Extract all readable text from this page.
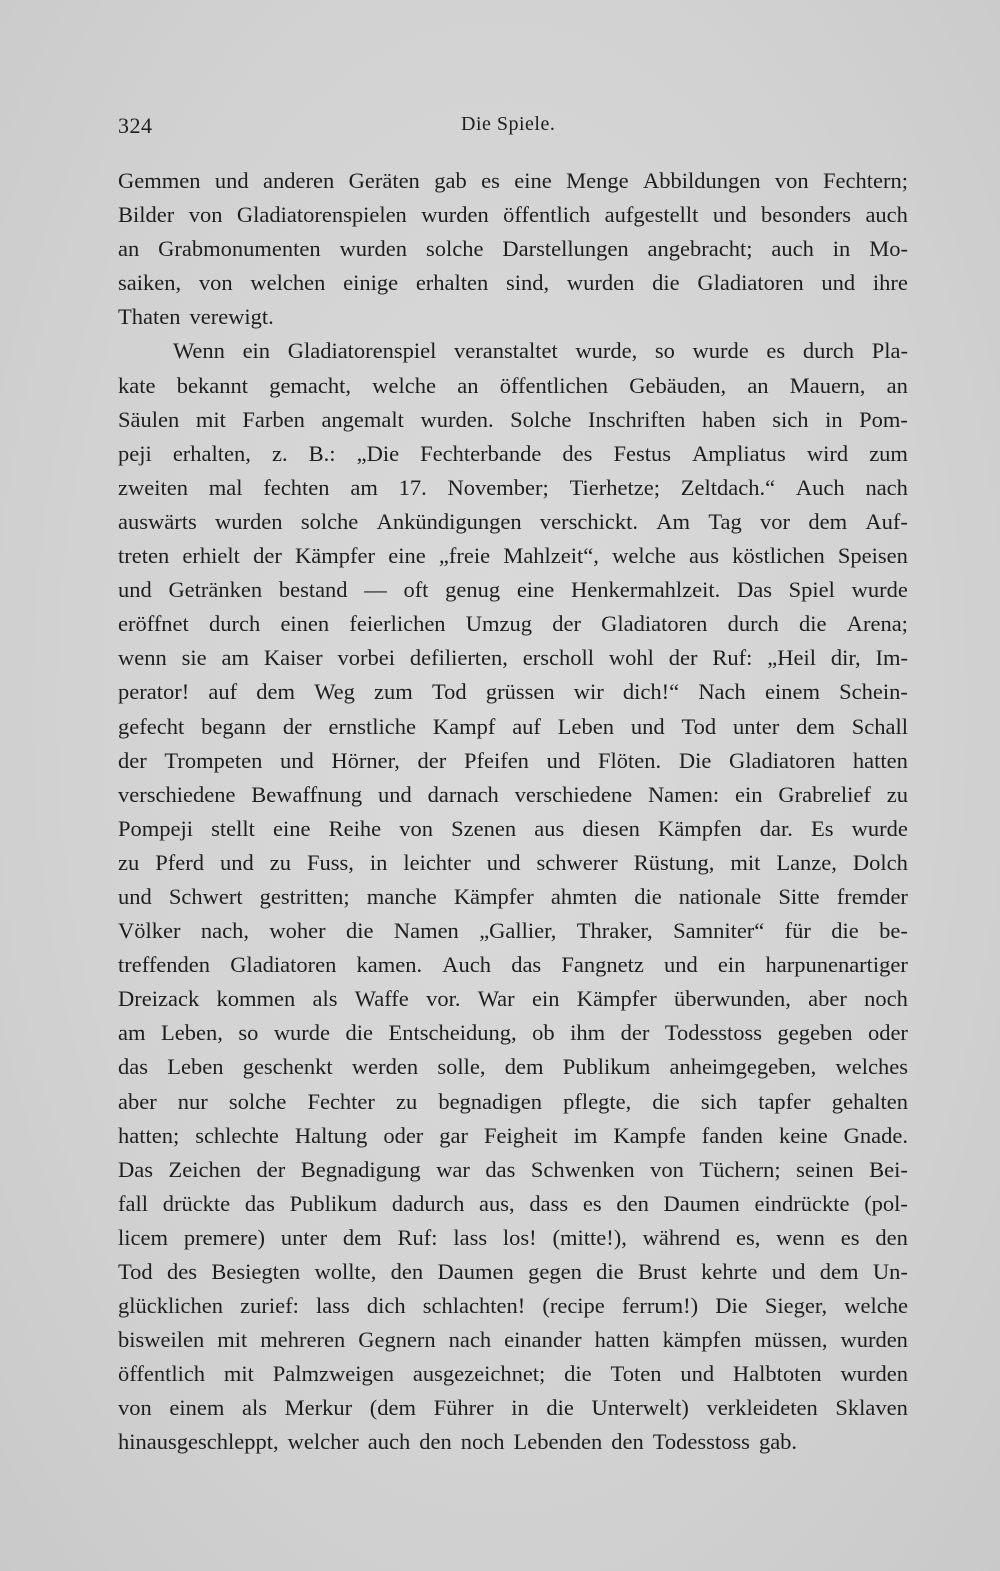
324	Die Spiele.
Gemmen und anderen Geräten gab es eine Menge Abbildungen von Fechtern;
Bilder von Gladiatorenspielen wurden öffentlich aufgestellt und besonders auch
an Grabmonumenten wurden solche Darstellungen angebracht; auch in Mo-
saiken, von welchen einige erhalten sind, wurden die Gladiatoren und ihre
Thaten verewigt.
Wenn ein Gladiatorenspiel veranstaltet wurde, so wurde es durch Pla-
kate bekannt gemacht, welche an öffentlichen Gebäuden, an Mauern, an
Säulen mit Farben angemalt wurden. Solche Inschriften haben sich in Pom-
peji erhalten, z. B.: „Die Fechterbande des Festus Ampliatus wird zum
zweiten mal fechten am 17. November; Tierhetze; Zeltdach.“ Auch nach
auswärts wurden solche Ankündigungen verschickt. Am Tag vor dem Auf-
treten erhielt der Kämpfer eine „freie Mahlzeit“, welche aus köstlichen Speisen
und Getränken bestand — oft genug eine Henkermahlzeit. Das Spiel wurde
eröffnet durch einen feierlichen Umzug der Gladiatoren durch die Arena;
wenn sie am Kaiser vorbei defilierten, erscholl wohl der Ruf: „Heil dir, Im-
perator! auf dem Weg zum Tod grüssen wir dich!“ Nach einem Schein-
gefecht begann der ernstliche Kampf auf Leben und Tod unter dem Schall
der Trompeten und Hörner, der Pfeifen und Flöten. Die Gladiatoren hatten
verschiedene Bewaffnung und darnach verschiedene Namen: ein Grabrelief zu
Pompeji stellt eine Reihe von Szenen aus diesen Kämpfen dar. Es wurde
zu Pferd und zu Fuss, in leichter und schwerer Rüstung, mit Lanze, Dolch
und Schwert gestritten; manche Kämpfer ahmten die nationale Sitte fremder
Völker nach, woher die Namen „Gallier, Thraker, Samniter“ für die be-
treffenden Gladiatoren kamen. Auch das Fangnetz und ein harpunenartiger
Dreizack kommen als Waffe vor. War ein Kämpfer überwunden, aber noch
am Leben, so wurde die Entscheidung, ob ihm der Todesstoss gegeben oder
das Leben geschenkt werden solle, dem Publikum anheimgegeben, welches
aber nur solche Fechter zu begnadigen pflegte, die sich tapfer gehalten
hatten; schlechte Haltung oder gar Feigheit im Kampfe fanden keine Gnade.
Das Zeichen der Begnadigung war das Schwenken von Tüchern; seinen Bei-
fall drückte das Publikum dadurch aus, dass es den Daumen eindrückte (pol-
licem premere) unter dem Ruf: lass los! (mitte!), während es, wenn es den
Tod des Besiegten wollte, den Daumen gegen die Brust kehrte und dem Un-
glücklichen zurief: lass dich schlachten! (recipe ferrum!) Die Sieger, welche
bisweilen mit mehreren Gegnern nach einander hatten kämpfen müssen, wurden
öffentlich mit Palmzweigen ausgezeichnet; die Toten und Halbtoten wurden
von einem als Merkur (dem Führer in die Unterwelt) verkleideten Sklaven
hinausgeschleppt, welcher auch den noch Lebenden den Todesstoss gab.
